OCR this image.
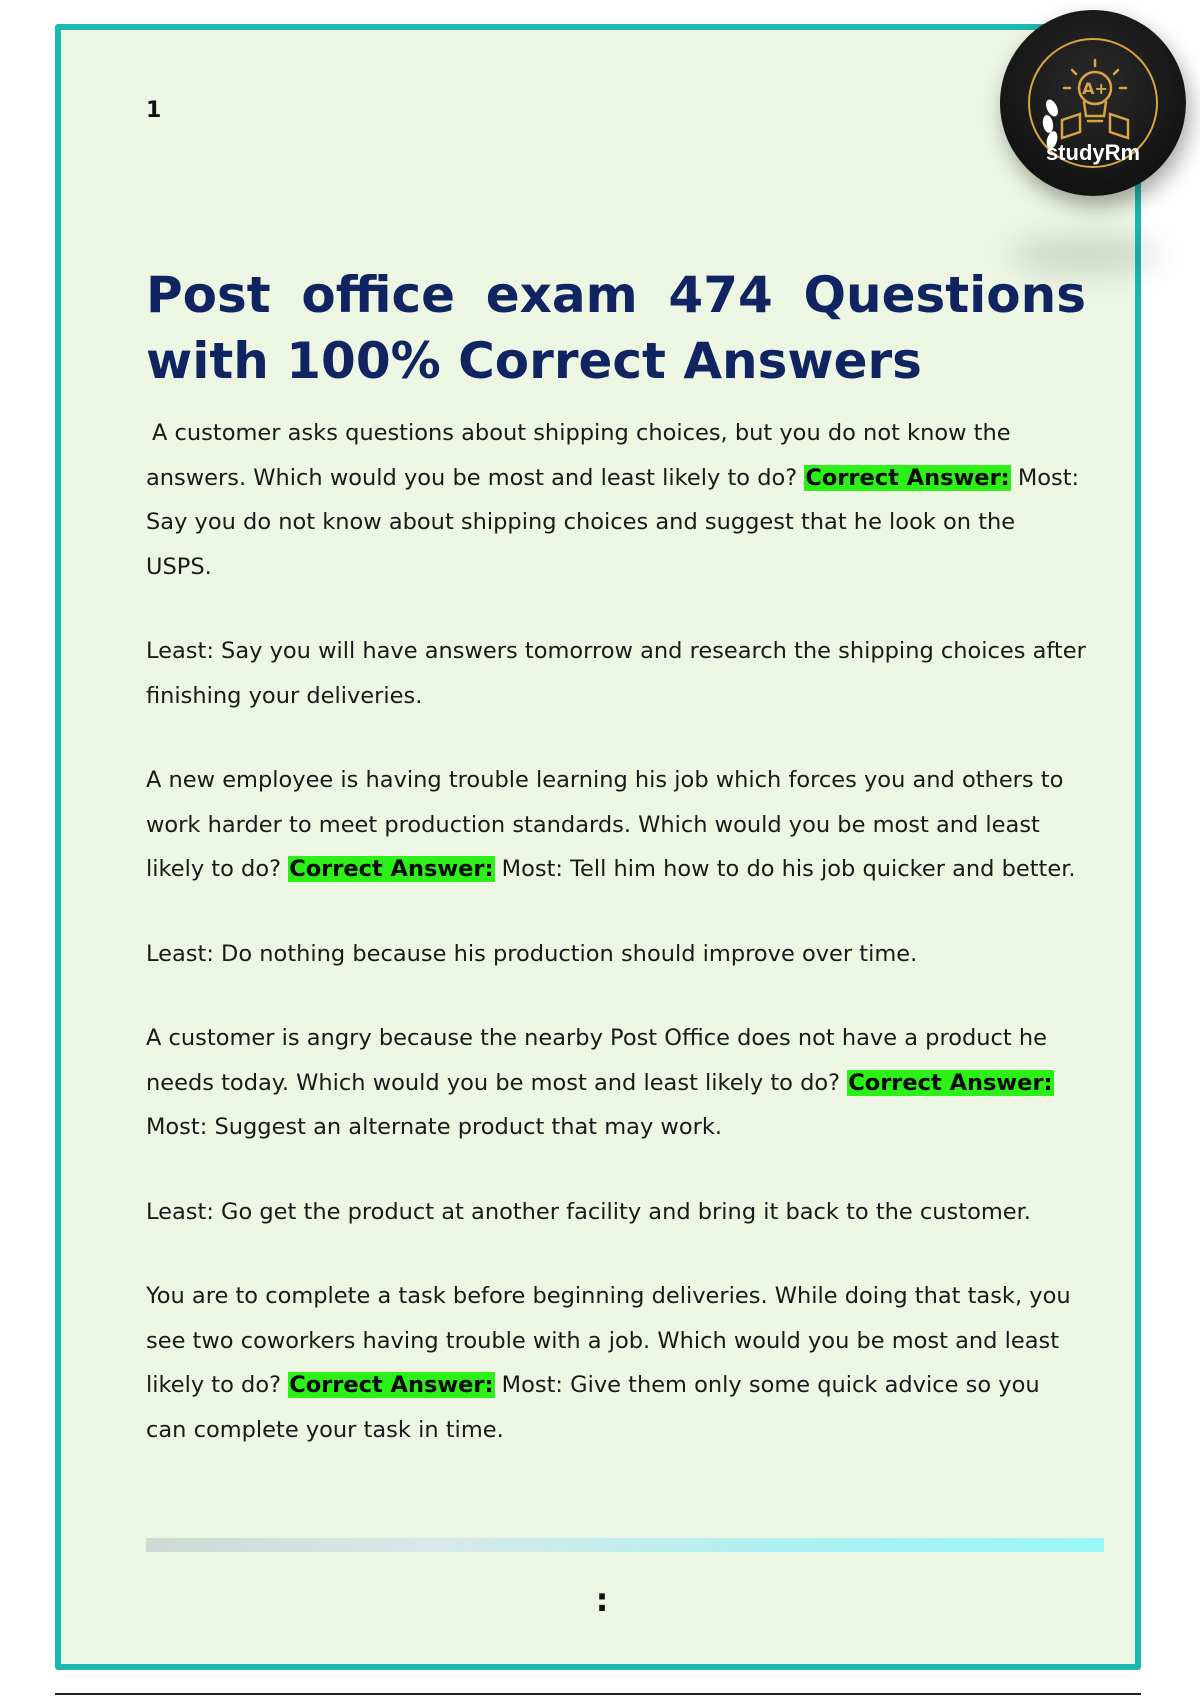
1
A+
studyRm
Post office exam 474 Questions with 100% Correct Answers

A customer asks questions about shipping choices, but you do not know the answers. Which would you be most and least likely to do? Correct Answer: Most: Say you do not know about shipping choices and suggest that he look on the USPS.

Least: Say you will have answers tomorrow and research the shipping choices after finishing your deliveries.

A new employee is having trouble learning his job which forces you and others to work harder to meet production standards. Which would you be most and least likely to do? Correct Answer: Most: Tell him how to do his job quicker and better.

Least: Do nothing because his production should improve over time.

A customer is angry because the nearby Post Office does not have a product he needs today. Which would you be most and least likely to do? Correct Answer: Most: Suggest an alternate product that may work.

Least: Go get the product at another facility and bring it back to the customer.

You are to complete a task before beginning deliveries. While doing that task, you see two coworkers having trouble with a job. Which would you be most and least likely to do? Correct Answer: Most: Give them only some quick advice so you can complete your task in time.

:
